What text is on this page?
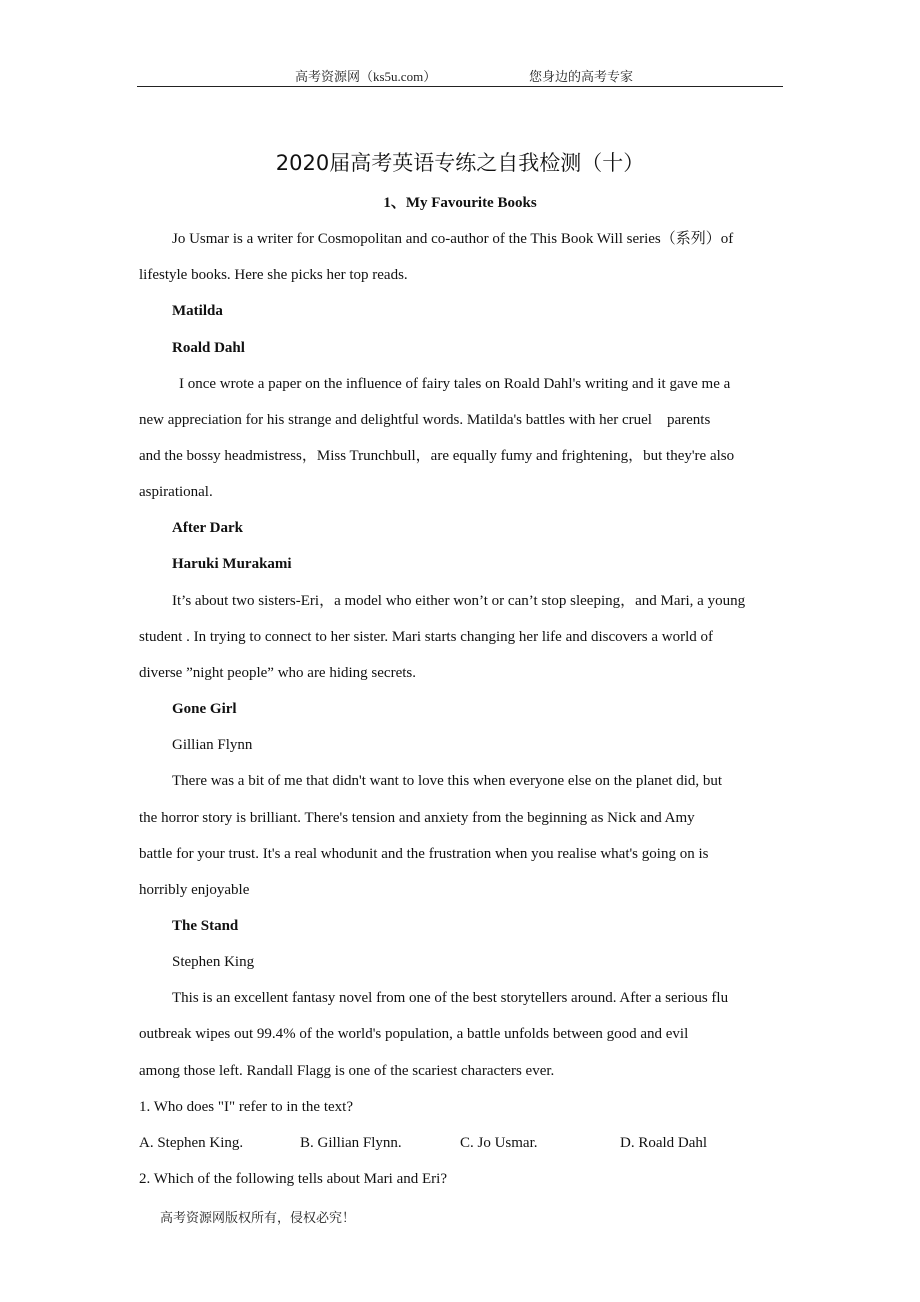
高考资源网（ks5u.com）	您身边的高考专家
2020届高考英语专练之自我检测（十）
1、My Favourite Books
Jo Usmar is a writer for Cosmopolitan and co-author of the This Book Will series（系列）of
lifestyle books. Here she picks her top reads.
Matilda
Roald Dahl
I once wrote a paper on the influence of fairy tales on Roald Dahl's writing and it gave me a
new appreciation for his strange and delightful words. Matilda's battles with her cruel    parents
and the bossy headmistress，Miss Trunchbull，are equally fumy and frightening，but they're also
aspirational.
After Dark
Haruki Murakami
It’s about two sisters-Eri，a model who either won’t or can’t stop sleeping，and Mari, a young
student . In trying to connect to her sister. Mari starts changing her life and discovers a world of
diverse ”night people” who are hiding secrets.
Gone Girl
Gillian Flynn
There was a bit of me that didn't want to love this when everyone else on the planet did, but
the horror story is brilliant. There's tension and anxiety from the beginning as Nick and Amy
battle for your trust. It's a real whodunit and the frustration when you realise what's going on is
horribly enjoyable
The Stand
Stephen King
This is an excellent fantasy novel from one of the best storytellers around. After a serious flu
outbreak wipes out 99.4% of the world's population, a battle unfolds between good and evil
among those left. Randall Flagg is one of the scariest characters ever.
1. Who does "I" refer to in the text?
A. Stephen King.	B. Gillian Flynn.	C. Jo Usmar.	D. Roald Dahl
2. Which of the following tells about Mari and Eri?
高考资源网版权所有，侵权必究！
